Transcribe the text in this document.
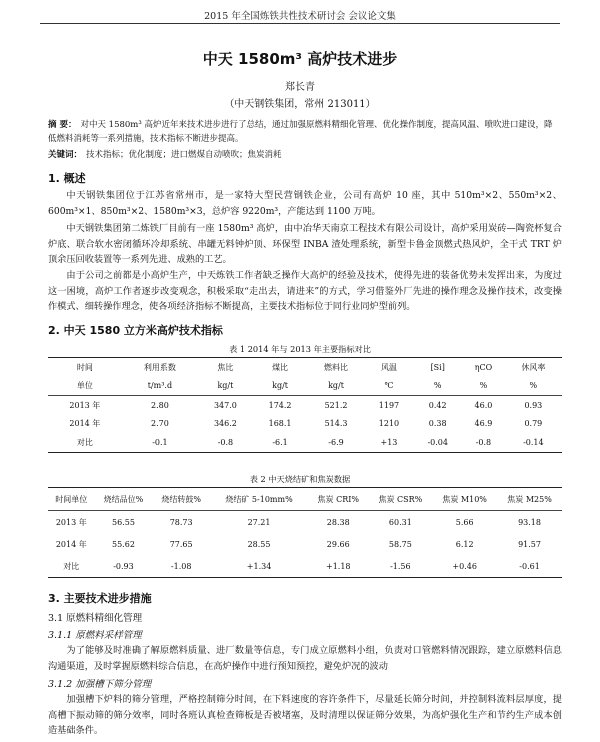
2015 年全国炼铁共性技术研讨会 会议论文集
中天 1580m³ 高炉技术进步
郑长青
（中天钢铁集团，常州 213011）
摘 要： 对中天 1580m³ 高炉近年来技术进步进行了总结，通过加强原燃料精细化管理、优化操作制度，提高风温、喷吹进口建设，降低燃料消耗等一系列措施，技术指标不断进步提高。
关键词： 技术指标；优化制度；进口燃煤自动喷吹；焦炭消耗
1. 概述
中天钢铁集团位于江苏省常州市，是一家特大型民营钢铁企业，公司有高炉 10 座，其中 510m³×2、550m³×2、600m³×1、850m³×2、1580m³×3，总炉容 9220m³，产能达到 1100 万吨。
中天钢铁集团第二炼铁厂目前有一座 1580m³ 高炉，由中冶华天南京工程技术有限公司设计，高炉采用炭砖—陶瓷杯复合炉底、联合软水密闭循环冷却系统、串罐无料钟炉顶、环保型 INBA 渣处理系统，新型卡鲁金顶燃式热风炉，全干式 TRT 炉顶余压回收装置等一系列先进、成熟的工艺。
由于公司之前都是小高炉生产，中天炼铁工作者缺乏操作大高炉的经验及技术，使得先进的装备优势未发挥出来，为度过这一困境，高炉工作者逐步改变观念，积极采取“走出去，请进来”的方式，学习借鉴外厂先进的操作理念及操作技术，改变操作模式、细转操作理念，使各项经济指标不断提高，主要技术指标位于同行业同炉型前列。
2. 中天 1580 立方米高炉技术指标
表 1 2014 年与 2013 年主要指标对比
时间	利用系数	焦比	煤比	燃料比	风温	[Si]	ηCO	休风率
单位	t/m³.d	kg/t	kg/t	kg/t	℃	%	%	%
2013 年	2.80	347.0	174.2	521.2	1197	0.42	46.0	0.93
2014 年	2.70	346.2	168.1	514.3	1210	0.38	46.9	0.79
对比	-0.1	-0.8	-6.1	-6.9	+13	-0.04	-0.8	-0.14
表 2 中天烧结矿和焦炭数据
时间单位	烧结品位%	烧结转鼓%	烧结矿 5-10mm%	焦炭 CRI%	焦炭 CSR%	焦炭 M10%	焦炭 M25%
2013 年	56.55	78.73	27.21	28.38	60.31	5.66	93.18
2014 年	55.62	77.65	28.55	29.66	58.75	6.12	91.57
对比	-0.93	-1.08	+1.34	+1.18	-1.56	+0.46	-0.61
3. 主要技术进步措施
3.1 原燃料精细化管理
3.1.1 原燃料采样管理
为了能够及时准确了解原燃料质量、进厂数量等信息，专门成立原燃料小组，负责对口管燃料情况跟踪，建立原燃料信息沟通渠道，及时掌握原燃料综合信息，在高炉操作中进行预知预控，避免炉况的波动
3.1.2 加强槽下筛分管理
加强槽下炉料的筛分管理，严格控制筛分时间，在下料速度的容许条件下，尽量延长筛分时间，并控制料流料层厚度，提高槽下振动筛的筛分效率，同时各班认真检查筛板是否被堵塞，及时清理以保证筛分效果，为高炉强化生产和节约生产成本创造基础条件。
